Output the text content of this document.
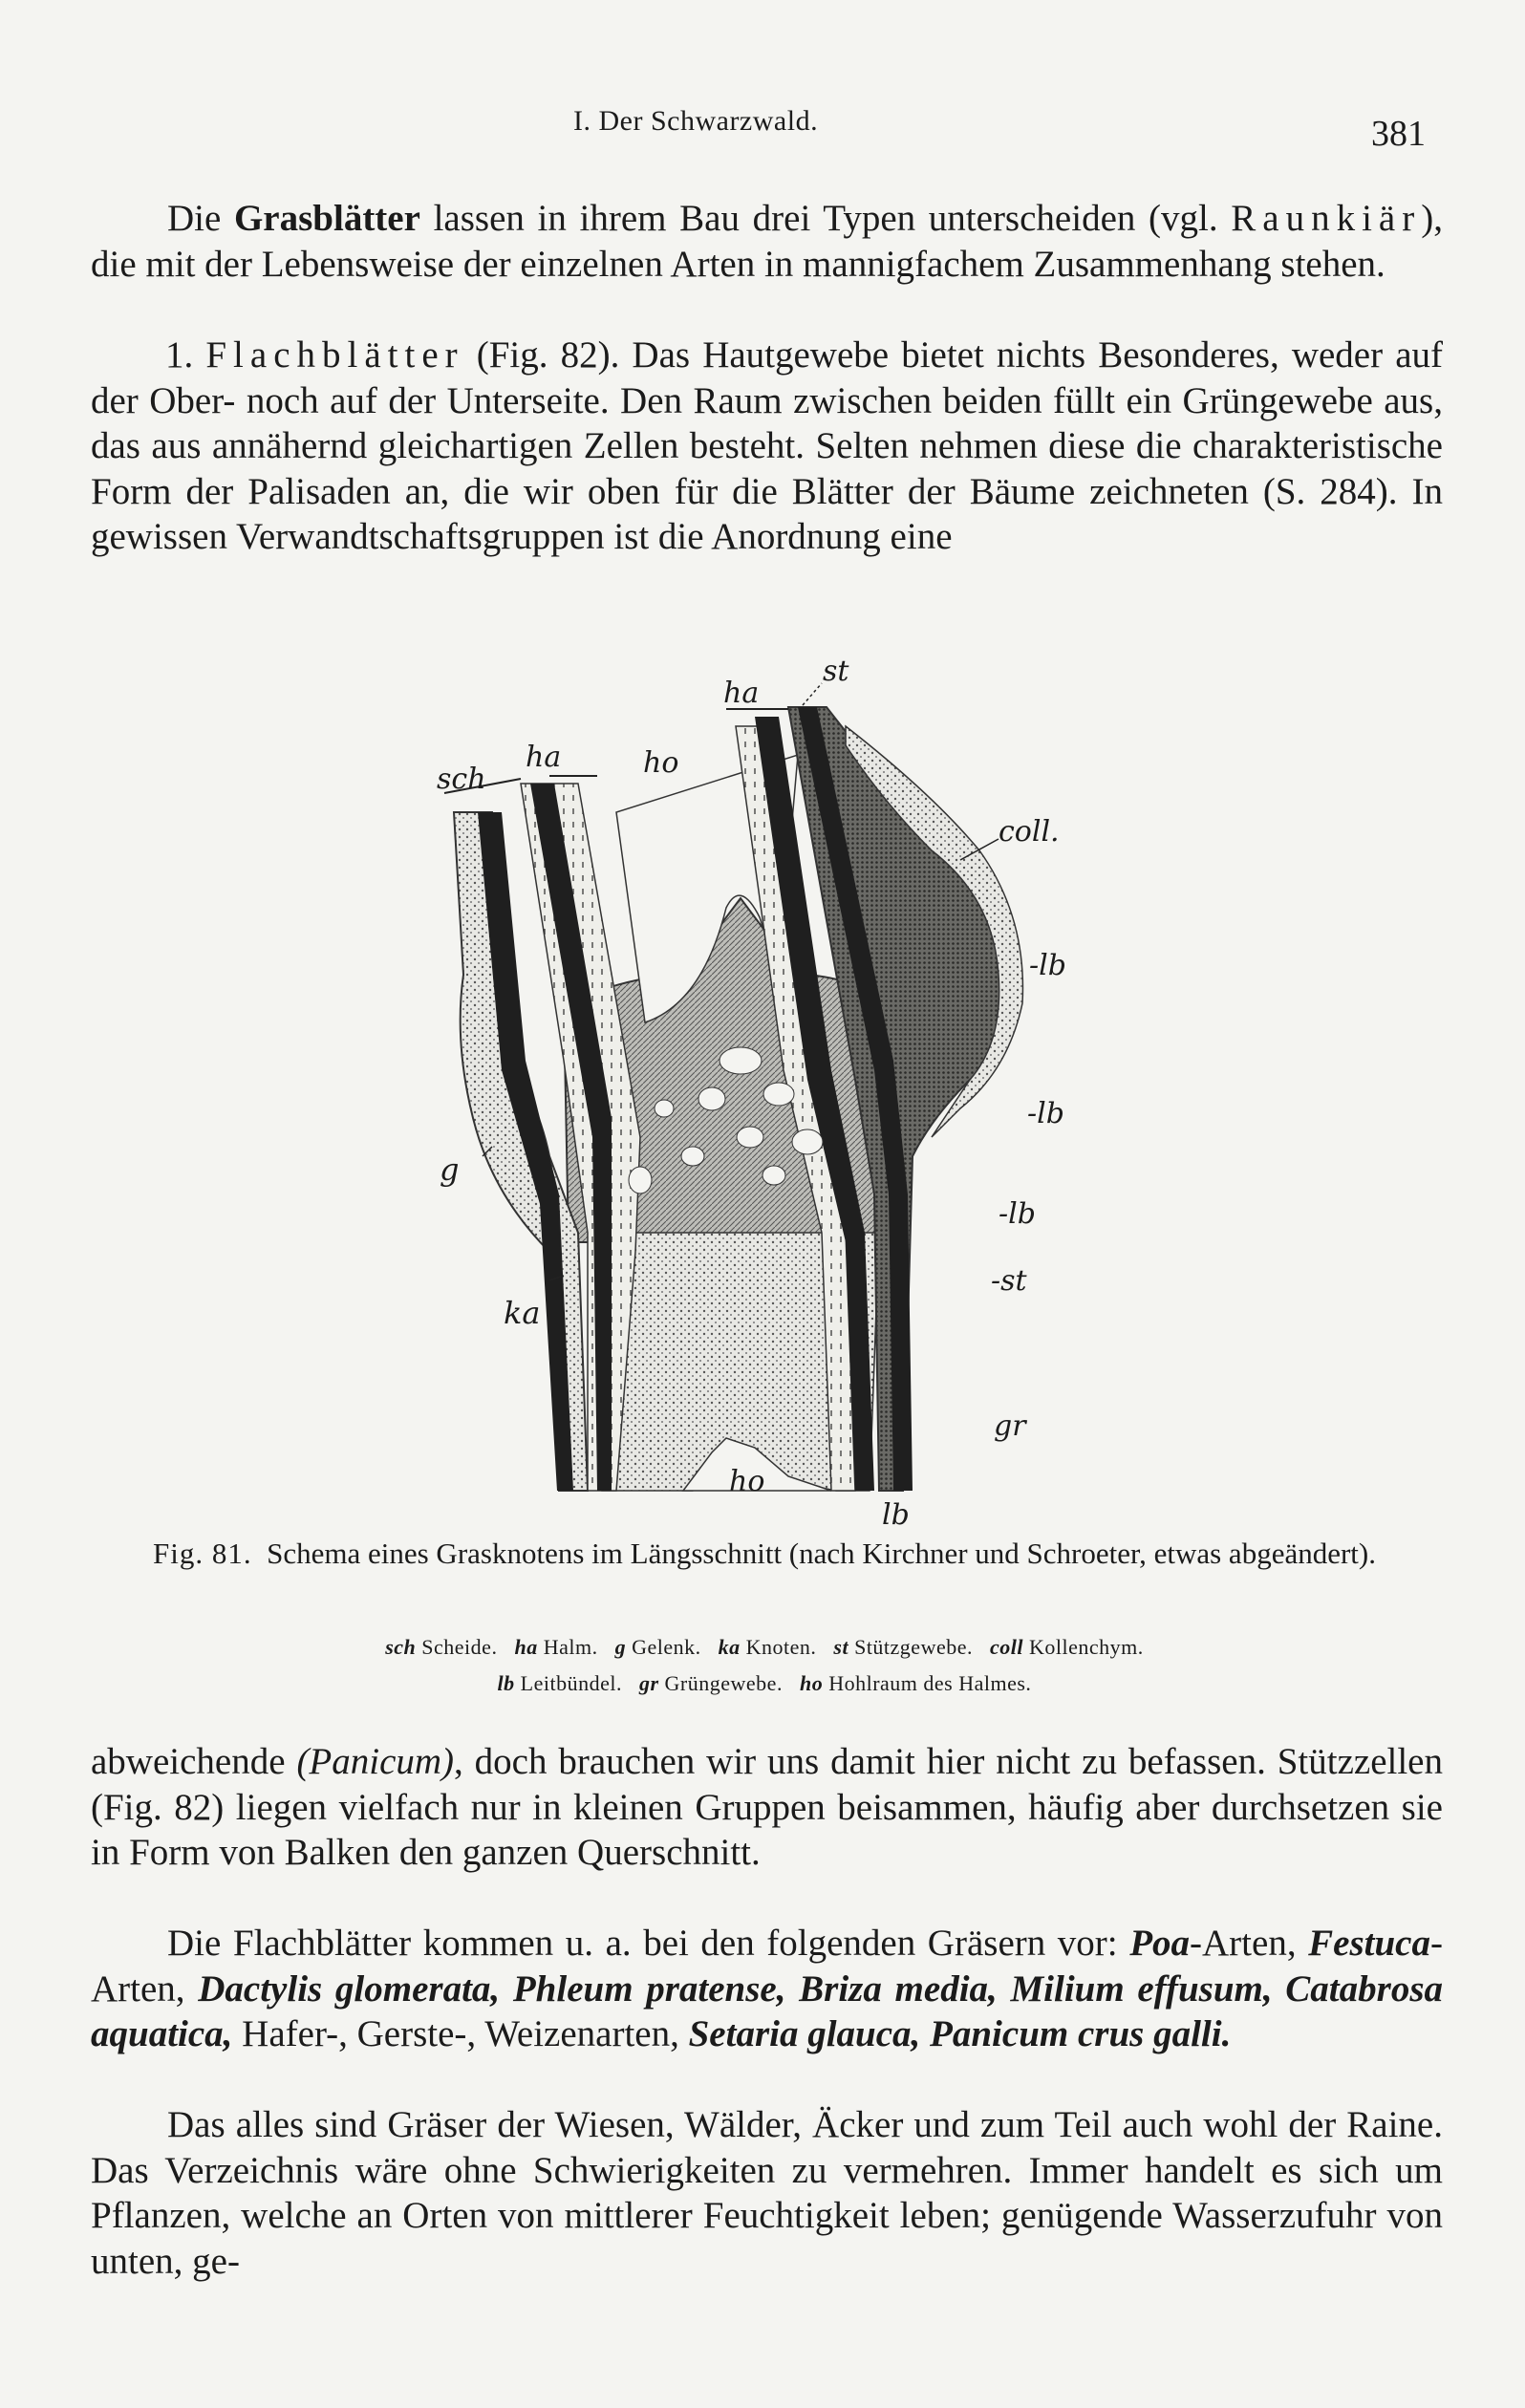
I. Der Schwarzwald.	381

Die Grasblätter lassen in ihrem Bau drei Typen unterscheiden (vgl. Raunkiär), die mit der Lebensweise der einzelnen Arten in mannigfachem Zusammenhang stehen.

1. Flachblätter (Fig. 82). Das Hautgewebe bietet nichts Besonderes, weder auf der Ober- noch auf der Unterseite. Den Raum zwischen beiden füllt ein Grüngewebe aus, das aus annähernd gleichartigen Zellen besteht. Selten nehmen diese die charakteristische Form der Palisaden an, die wir oben für die Blätter der Bäume zeichneten (S. 284). In gewissen Verwandtschaftsgruppen ist die Anordnung eine

sch
ha	ho
ha
st
coll.
-lb
-lb
-lb
-st
gr
g
ka
ho
lb
Fig. 81. Schema eines Grasknotens im Längsschnitt (nach Kirchner und Schroeter, etwas abgeändert).
sch Scheide. ha Halm. g Gelenk. ka Knoten. st Stützgewebe. coll Kollenchym.
lb Leitbündel. gr Grüngewebe. ho Hohlraum des Halmes.

abweichende (Panicum), doch brauchen wir uns damit hier nicht zu befassen. Stützzellen (Fig. 82) liegen vielfach nur in kleinen Gruppen beisammen, häufig aber durchsetzen sie in Form von Balken den ganzen Querschnitt.

Die Flachblätter kommen u. a. bei den folgenden Gräsern vor: Poa-Arten, Festuca-Arten, Dactylis glomerata, Phleum pratense, Briza media, Milium effusum, Catabrosa aquatica, Hafer-, Gerste-, Weizenarten, Setaria glauca, Panicum crus galli.

Das alles sind Gräser der Wiesen, Wälder, Äcker und zum Teil auch wohl der Raine. Das Verzeichnis wäre ohne Schwierigkeiten zu vermehren. Immer handelt es sich um Pflanzen, welche an Orten von mittlerer Feuchtigkeit leben; genügende Wasserzufuhr von unten, ge-
